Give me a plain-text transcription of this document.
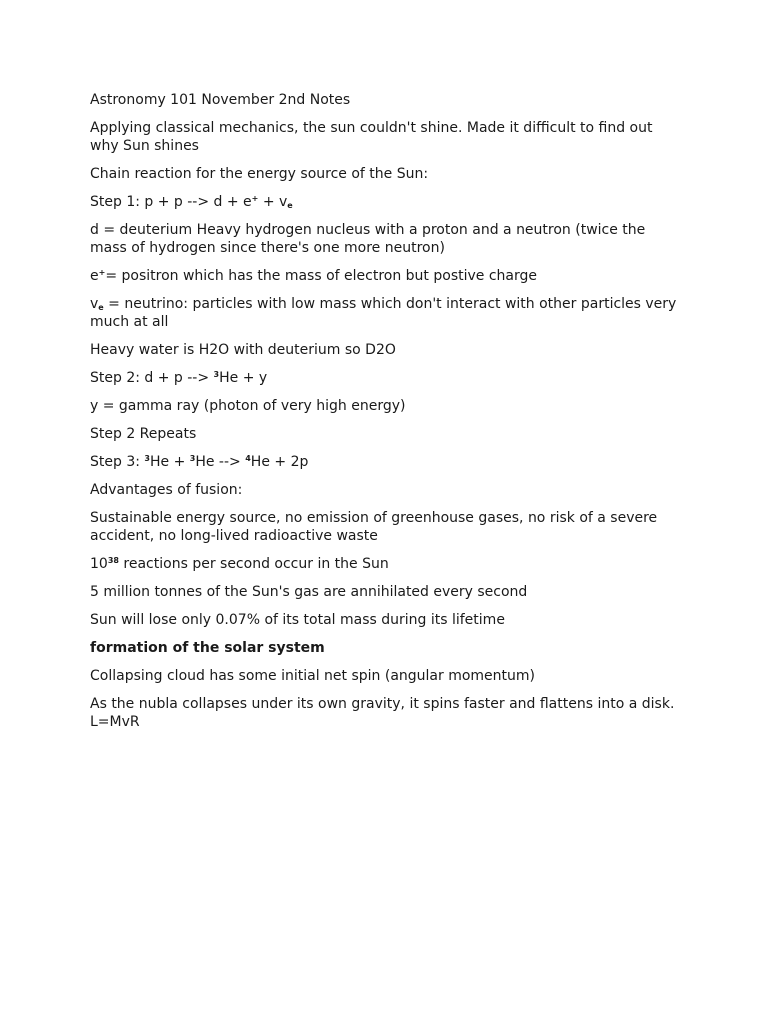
Astronomy 101 November 2nd Notes

Applying classical mechanics, the sun couldn't shine. Made it difficult to find out why Sun shines

Chain reaction for the energy source of the Sun:

Step 1: p + p --> $d + e^+ + v_e$

d = deuterium Heavy hydrogen nucleus with a proton and a neutron (twice the mass of hydrogen since there's one more neutron)

e+= positron which has the mass of electron but postive charge

$v_e$ = neutrino: particles with low mass which don't interact with other particles very much at all

Heavy water is H2O with deuterium so D2O

Step 2: d + p --> $^3$He + y

y = gamma ray (photon of very high energy)

Step 2 Repeats

Step 3: $^3$He + $^3$He --> $^4$He + 2p

Advantages of fusion:

Sustainable energy source, no emission of greenhouse gases, no risk of a severe accident, no long-lived radioactive waste

$10^{38}$ reactions per second occur in the Sun

5 million tonnes of the Sun's gas are annihilated every second

Sun will lose only 0.07% of its total mass during its lifetime

formation of the solar system

Collapsing cloud has some initial net spin (angular momentum)

As the nubla collapses under its own gravity, it spins faster and flattens into a disk.
L=MvR
